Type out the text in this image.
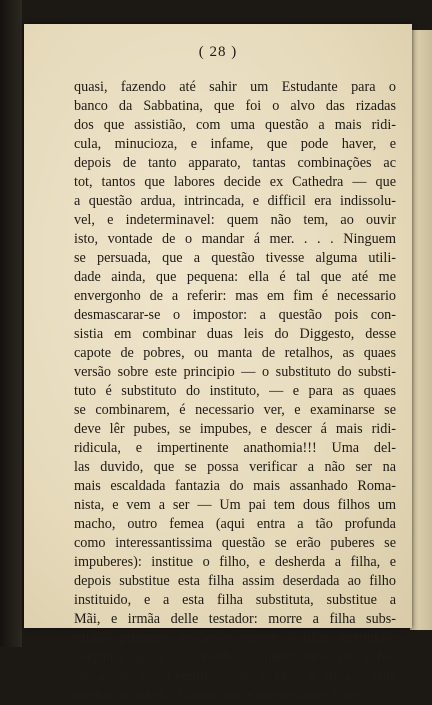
( 28 )
quasi, fazendo até sahir um Estudante para o
banco da Sabbatina, que foi o alvo das rizadas
dos que assistião, com uma questão a mais ridi-
cula, minucioza, e infame, que pode haver, e
depois de tanto apparato, tantas combinações ac
tot, tantos que labores decide ex Cathedra — que
a questão ardua, intrincada, e difficil era indissolu-
vel, e indeterminavel: quem não tem, ao ouvir
isto, vontade de o mandar á mer. . . . Ninguem
se persuada, que a questão tivesse alguma utili-
dade ainda, que pequena: ella é tal que até me
envergonho de a referir: mas em fim é necessario
desmascarar-se o impostor: a questão pois con-
sistia em combinar duas leis do Diggesto, desse
capote de pobres, ou manta de retalhos, as quaes
versão sobre este principio — o substituto do substi-
tuto é substituto do instituto, — e para as quaes
se combinarem, é necessario ver, e examinarse se
deve lêr pubes, se impubes, e descer á mais ridi-
ridicula, e impertinente anathomia!!! Uma del-
las duvido, que se possa verificar a não ser na
mais escaldada fantazia do mais assanhado Roma-
nista, e vem a ser — Um pai tem dous filhos um
macho, outro femea (aqui entra a tão profunda
como interessantissima questão se erão puberes se
impuberes): institue o filho, e desherda a filha, e
depois substitue esta filha assim deserdada ao filho
instituido, e a esta filha substituta, substitue a
Mãi, e irmãa delle testador: morre a filha subs-
tituida primeiro, e depois morre o filho instituido;
pergunta agora o Consulto, a quem deve hir a he-
rança, se aos Legitimos, se á Mãi, e irmãa? Que
methafysicadella! Quanto isto é interessante! Que-
